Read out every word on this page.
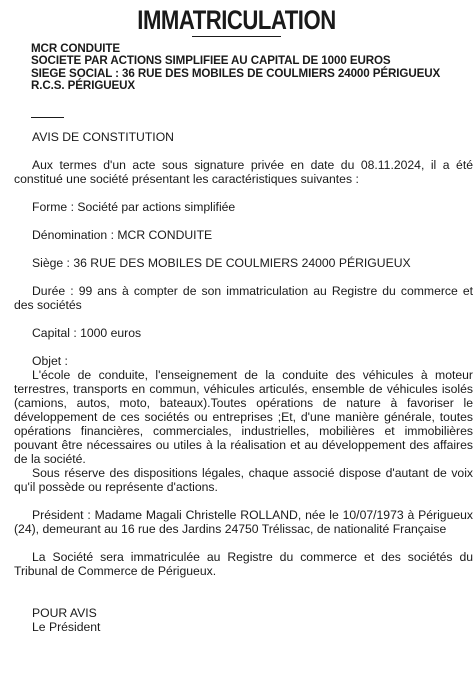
IMMATRICULATION
MCR CONDUITE
SOCIETE PAR ACTIONS SIMPLIFIEE AU CAPITAL DE 1000 EUROS
SIEGE SOCIAL : 36 RUE DES MOBILES DE COULMIERS 24000 PÉRIGUEUX
R.C.S. PÉRIGUEUX

AVIS DE CONSTITUTION

Aux termes d'un acte sous signature privée en date du 08.11.2024, il a été constitué une société présentant les caractéristiques suivantes :

Forme : Société par actions simplifiée

Dénomination : MCR CONDUITE

Siège : 36 RUE DES MOBILES DE COULMIERS 24000 PÉRIGUEUX

Durée : 99 ans à compter de son immatriculation au Registre du commerce et des sociétés

Capital : 1000 euros

Objet :

L'école de conduite, l'enseignement de la conduite des véhicules à moteur terrestres, transports en commun, véhicules articulés, ensemble de véhicules isolés (camions, autos, moto, bateaux).Toutes opérations de nature à favoriser le développement de ces sociétés ou entreprises ;Et, d'une manière générale, toutes opérations financières, commerciales, industrielles, mobilières et immobilières pouvant être nécessaires ou utiles à la réalisation et au développement des affaires de la société.

Sous réserve des dispositions légales, chaque associé dispose d'autant de voix qu'il possède ou représente d'actions.

Président : Madame Magali Christelle ROLLAND, née le 10/07/1973 à Périgueux (24), demeurant au 16 rue des Jardins 24750 Trélissac, de nationalité Française

La Société sera immatriculée au Registre du commerce et des sociétés du Tribunal de Commerce de Périgueux.

POUR AVIS

Le Président
